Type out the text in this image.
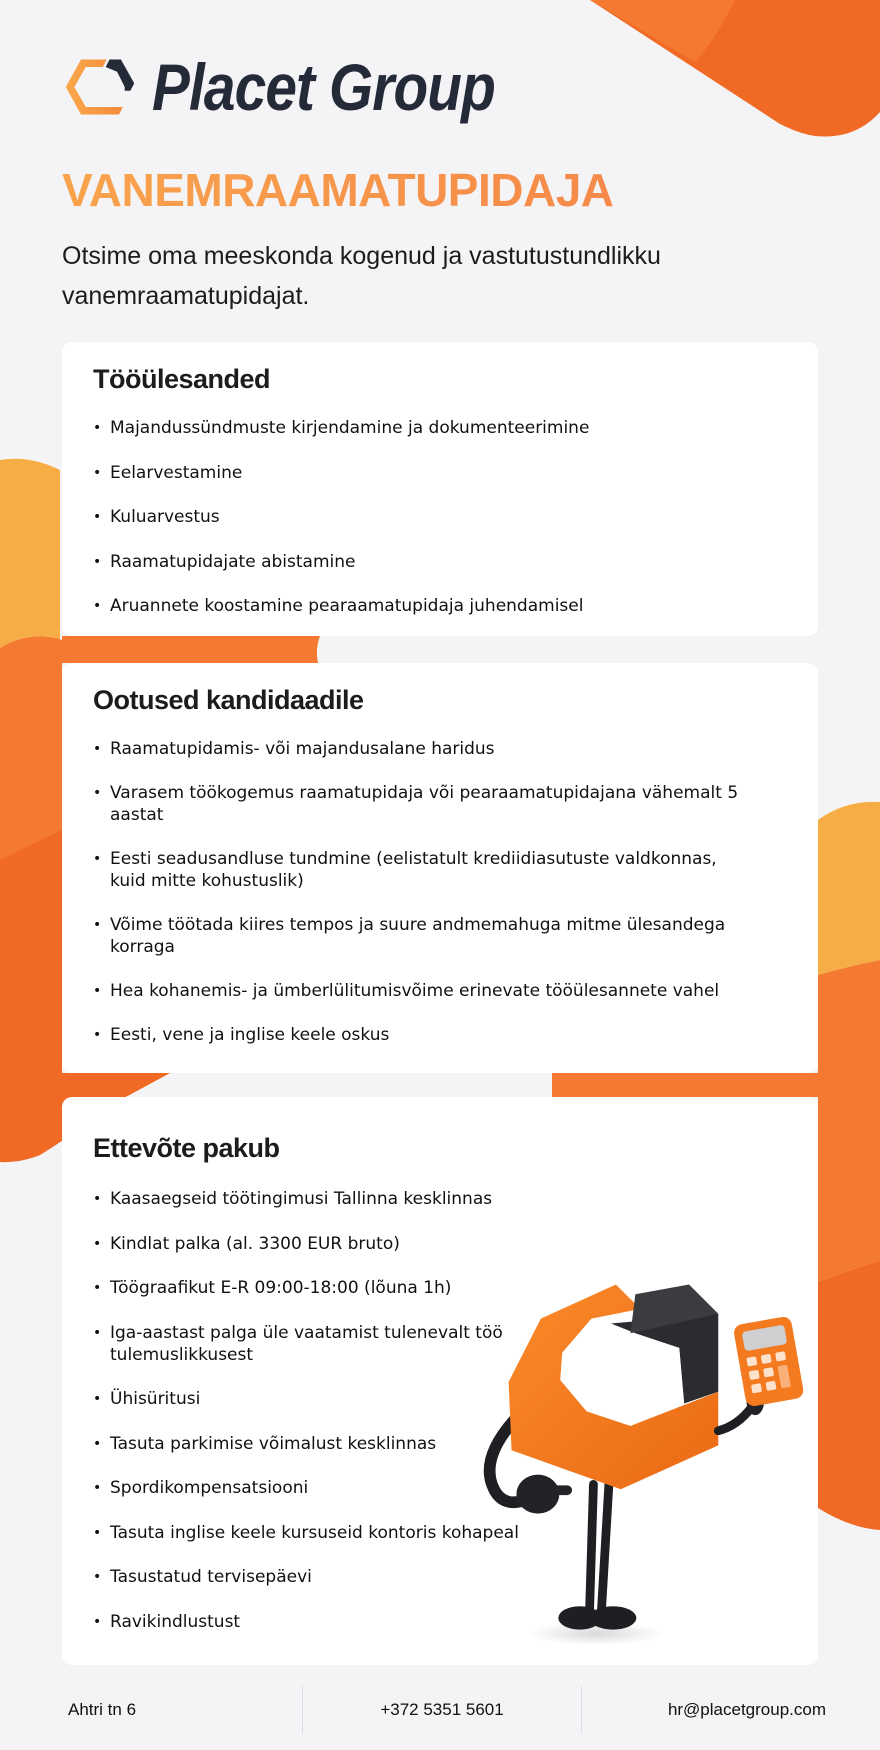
Placet Group
VANEMRAAMATUPIDAJA

Otsime oma meeskonda kogenud ja vastutustundlikku vanemraamatupidajat.

Tööülesanded
• Majandussündmuste kirjendamine ja dokumenteerimine
• Eelarvestamine
• Kuluarvestus
• Raamatupidajate abistamine
• Aruannete koostamine pearaamatupidaja juhendamisel
Ootused kandidaadile
• Raamatupidamis- või majandusalane haridus
• Varasem töökogemus raamatupidaja või pearaamatupidajana vähemalt 5 aastat
• Eesti seadusandluse tundmine (eelistatult krediidiasutuste valdkonnas, kuid mitte kohustuslik)
• Võime töötada kiires tempos ja suure andmemahuga mitme ülesandega korraga
• Hea kohanemis- ja ümberlülitumisvõime erinevate tööülesannete vahel
• Eesti, vene ja inglise keele oskus
Ettevõte pakub
• Kaasaegseid töötingimusi Tallinna kesklinnas
• Kindlat palka (al. 3300 EUR bruto)
• Töögraafikut E-R 09:00-18:00 (lõuna 1h)
• Iga-aastast palga üle vaatamist tulenevalt töö tulemuslikkusest
• Ühisüritusi
• Tasuta parkimise võimalust kesklinnas
• Spordikompensatsiooni
• Tasuta inglise keele kursuseid kontoris kohapeal
• Tasustatud tervisepäevi
• Ravikindlustust
Ahtri tn 6	+372 5351 5601	hr@placetgroup.com
